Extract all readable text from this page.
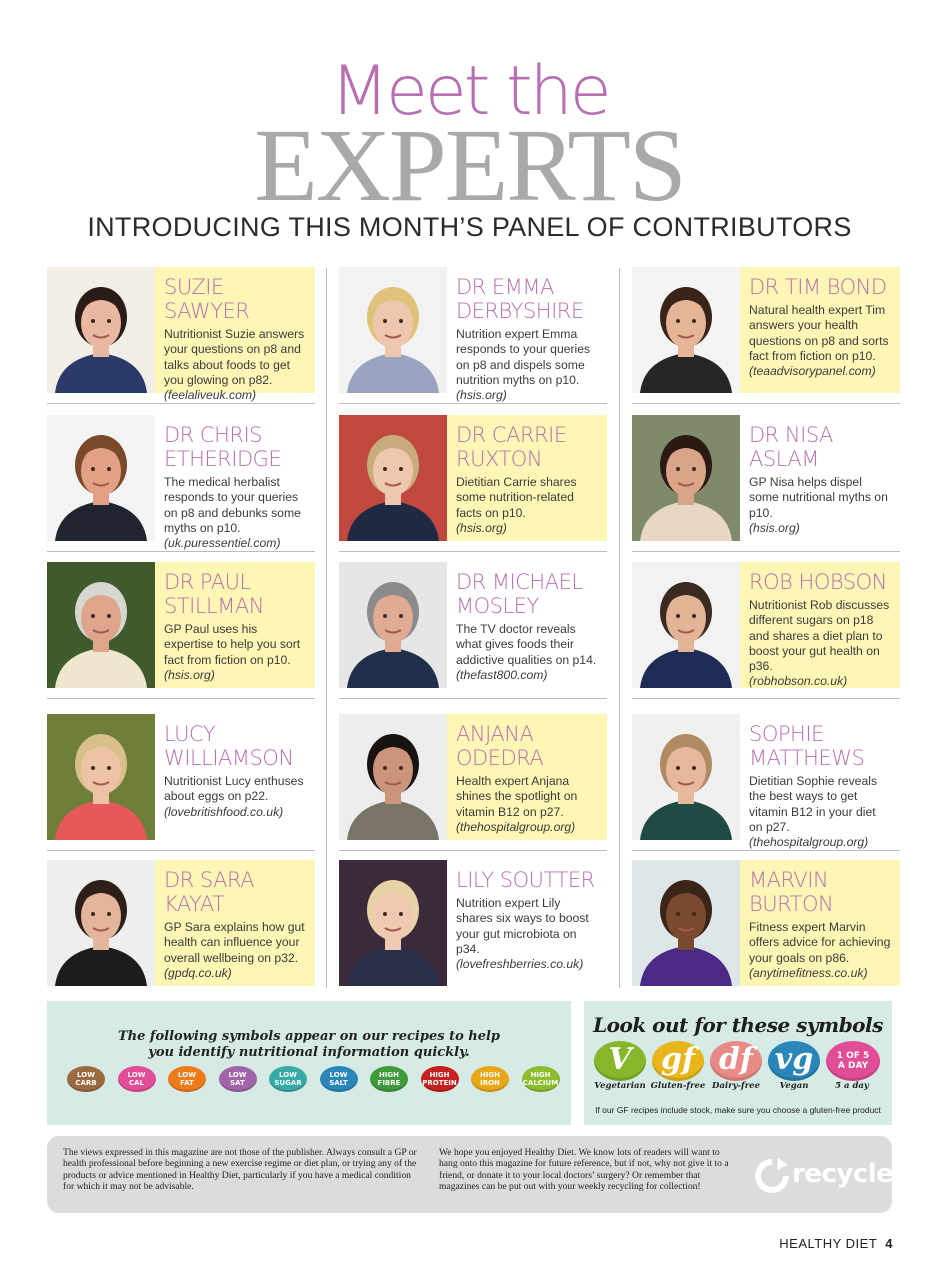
Meet the
EXPERTS
INTRODUCING THIS MONTH’S PANEL OF CONTRIBUTORS
SUZIE SAWYER
Nutritionist Suzie answers your questions on p8 and talks about foods to get you glowing on p82.
(feelaliveuk.com)
DR EMMA
DERBYSHIRE
Nutrition expert Emma responds to your queries on p8 and dispels some nutrition myths on p10.
(hsis.org)
DR TIM BOND
Natural health expert Tim answers your health questions on p8 and sorts fact from fiction on p10.
(teaadvisorypanel.com)
DR CHRIS
ETHERIDGE
The medical herbalist responds to your queries on p8 and debunks some myths on p10.
(uk.puressentiel.com)
DR CARRIE
RUXTON
Dietitian Carrie shares some nutrition-related facts on p10.
(hsis.org)
DR NISA
ASLAM
GP Nisa helps dispel some nutritional myths on p10.
(hsis.org)
DR PAUL
STILLMAN
GP Paul uses his expertise to help you sort fact from fiction on p10.
(hsis.org)
DR MICHAEL
MOSLEY
The TV doctor reveals what gives foods their addictive qualities on p14.
(thefast800.com)
ROB HOBSON
Nutritionist Rob discusses different sugars on p18 and shares a diet plan to boost your gut health on p36.
(robhobson.co.uk)
LUCY
WILLIAMSON
Nutritionist Lucy enthuses about eggs on p22.
(lovebritishfood.co.uk)
ANJANA
ODEDRA
Health expert Anjana shines the spotlight on vitamin B12 on p27.
(thehospitalgroup.org)
SOPHIE
MATTHEWS
Dietitian Sophie reveals the best ways to get vitamin B12 in your diet on p27.
(thehospitalgroup.org)
DR SARA
KAYAT
GP Sara explains how gut health can influence your overall wellbeing on p32.
(gpdq.co.uk)
LILY SOUTTER
Nutrition expert Lily shares six ways to boost your gut microbiota on p34.
(lovefreshberries.co.uk)
MARVIN
BURTON
Fitness expert Marvin offers advice for achieving your goals on p86.
(anytimefitness.co.uk)
The following symbols appear on our recipes to help you identify nutritional information quickly.
LOW
CARB
LOW
CAL
LOW
FAT
LOW
SAT
LOW
SUGAR
LOW
SALT
HIGH
FIBRE
HIGH
PROTEIN
HIGH
IRON
HIGH
CALCIUM
Look out for these symbols
V
Vegetarian
gf
Gluten-free
df
Dairy-free
vg
Vegan
1 OF 5 A DAY
5 a day
If our GF recipes include stock, make sure you choose a gluten-free product
The views expressed in this magazine are not those of the publisher. Always consult a GP or health professional before beginning a new exercise regime or diet plan, or trying any of the products or advice mentioned in Healthy Diet, particularly if you have a medical condition for which it may not be advisable.
We hope you enjoyed Healthy Diet. We know lots of readers will want to hang onto this magazine for future reference, but if not, why not give it to a friend, or donate it to your local doctors’ surgery? Or remember that magazines can be put out with your weekly recycling for collection!	recycle
HEALTHY DIET 4
